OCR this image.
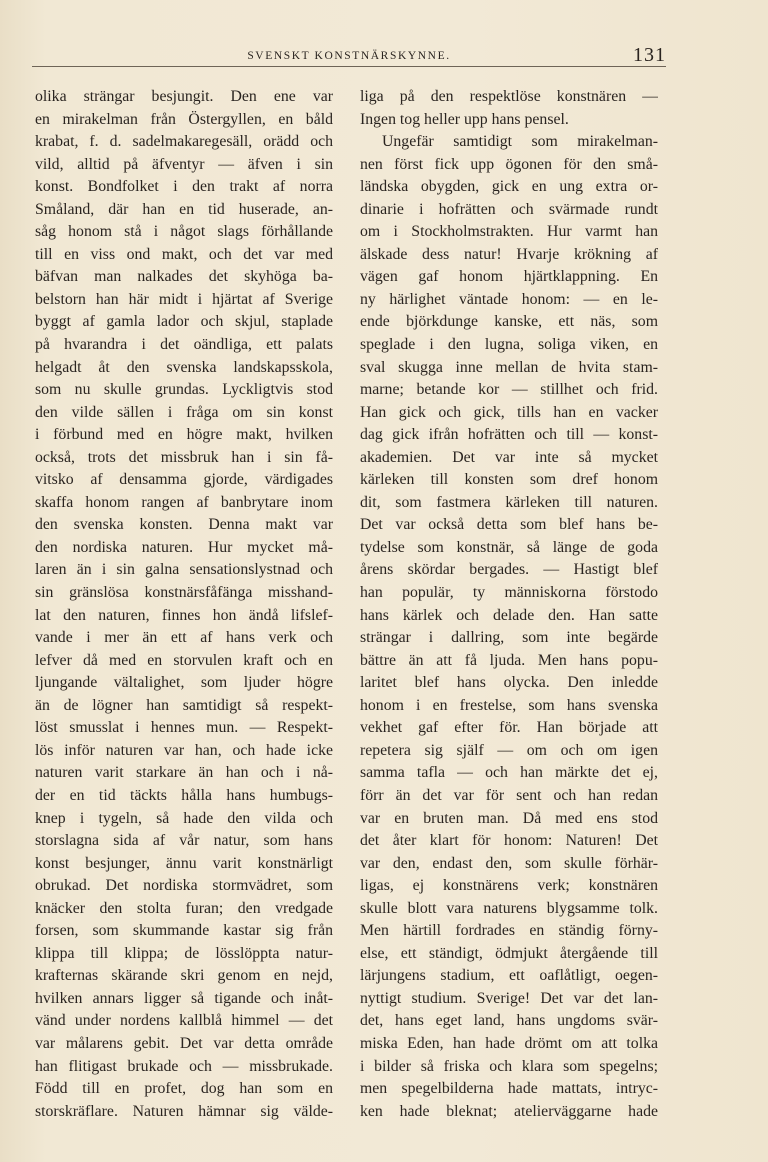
SVENSKT KONSTNÄRSKYNNE.	131
olika strängar besjungit. Den ene var
en mirakelman från Östergyllen, en båld
krabat, f. d. sadelmakaregesäll, orädd och
vild, alltid på äfventyr — äfven i sin
konst. Bondfolket i den trakt af norra
Småland, där han en tid huserade, an-
såg honom stå i något slags förhållande
till en viss ond makt, och det var med
bäfvan man nalkades det skyhöga ba-
belstorn han här midt i hjärtat af Sverige
byggt af gamla lador och skjul, staplade
på hvarandra i det oändliga, ett palats
helgadt åt den svenska landskapsskola,
som nu skulle grundas. Lyckligtvis stod
den vilde sällen i fråga om sin konst
i förbund med en högre makt, hvilken
också, trots det missbruk han i sin få-
vitsko af densamma gjorde, värdigades
skaffa honom rangen af banbrytare inom
den svenska konsten. Denna makt var
den nordiska naturen. Hur mycket må-
laren än i sin galna sensationslystnad och
sin gränslösa konstnärsfåfänga misshand-
lat den naturen, finnes hon ändå lifslef-
vande i mer än ett af hans verk och
lefver då med en storvulen kraft och en
ljungande vältalighet, som ljuder högre
än de lögner han samtidigt så respekt-
löst smusslat i hennes mun. — Respekt-
lös inför naturen var han, och hade icke
naturen varit starkare än han och i nå-
der en tid täckts hålla hans humbugs-
knep i tygeln, så hade den vilda och
storslagna sida af vår natur, som hans
konst besjunger, ännu varit konstnärligt
obrukad. Det nordiska stormvädret, som
knäcker den stolta furan; den vredgade
forsen, som skummande kastar sig från
klippa till klippa; de lösslöppta natur-
krafternas skärande skri genom en nejd,
hvilken annars ligger så tigande och inåt-
vänd under nordens kallblå himmel — det
var målarens gebit. Det var detta område
han flitigast brukade och — missbrukade.
Född till en profet, dog han som en
storskräflare. Naturen hämnar sig välde-
liga på den respektlöse konstnären —
Ingen tog heller upp hans pensel.
Ungefär samtidigt som mirakelman-
nen först fick upp ögonen för den små-
ländska obygden, gick en ung extra or-
dinarie i hofrätten och svärmade rundt
om i Stockholmstrakten. Hur varmt han
älskade dess natur! Hvarje krökning af
vägen gaf honom hjärtklappning. En
ny härlighet väntade honom: — en le-
ende björkdunge kanske, ett näs, som
speglade i den lugna, soliga viken, en
sval skugga inne mellan de hvita stam-
marne; betande kor — stillhet och frid.
Han gick och gick, tills han en vacker
dag gick ifrån hofrätten och till — konst-
akademien. Det var inte så mycket
kärleken till konsten som dref honom
dit, som fastmera kärleken till naturen.
Det var också detta som blef hans be-
tydelse som konstnär, så länge de goda
årens skördar bergades. — Hastigt blef
han populär, ty människorna förstodo
hans kärlek och delade den. Han satte
strängar i dallring, som inte begärde
bättre än att få ljuda. Men hans popu-
laritet blef hans olycka. Den inledde
honom i en frestelse, som hans svenska
vekhet gaf efter för. Han började att
repetera sig själf — om och om igen
samma tafla — och han märkte det ej,
förr än det var för sent och han redan
var en bruten man. Då med ens stod
det åter klart för honom: Naturen! Det
var den, endast den, som skulle förhär-
ligas, ej konstnärens verk; konstnären
skulle blott vara naturens blygsamme tolk.
Men härtill fordrades en ständig förny-
else, ett ständigt, ödmjukt återgående till
lärjungens stadium, ett oaflåtligt, oegen-
nyttigt studium. Sverige! Det var det lan-
det, hans eget land, hans ungdoms svär-
miska Eden, han hade drömt om att tolka
i bilder så friska och klara som spegelns;
men spegelbilderna hade mattats, intryc-
ken hade bleknat; atelierväggarne hade
